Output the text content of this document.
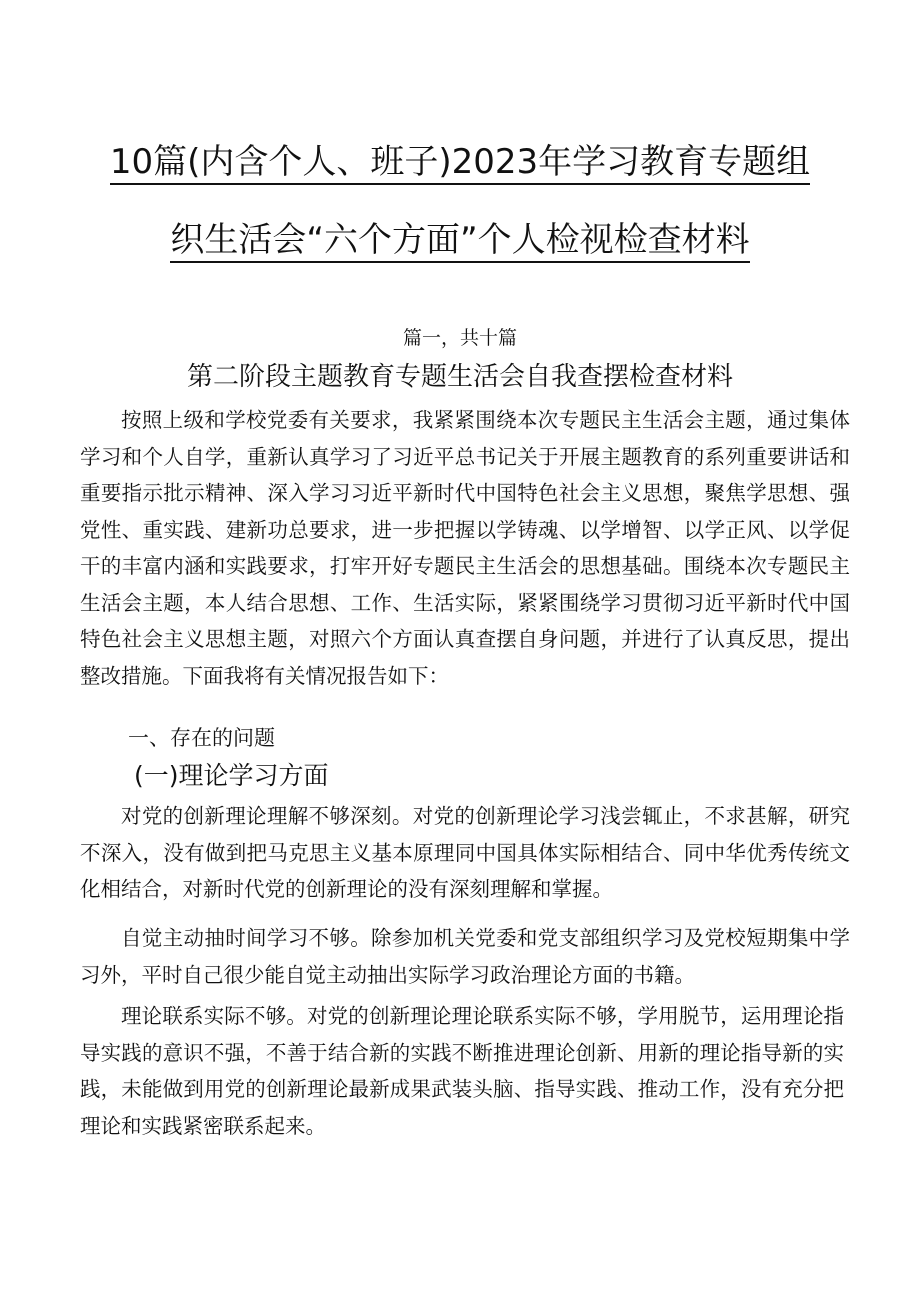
10篇(内含个人、班子)2023年学习教育专题组
织生活会“六个方面”个人检视检查材料
篇一，共十篇
第二阶段主题教育专题生活会自我查摆检查材料

按照上级和学校党委有关要求，我紧紧围绕本次专题民主生活会主题，通过集体学习和个人自学，重新认真学习了习近平总书记关于开展主题教育的系列重要讲话和重要指示批示精神、深入学习习近平新时代中国特色社会主义思想，聚焦学思想、强党性、重实践、建新功总要求，进一步把握以学铸魂、以学增智、以学正风、以学促干的丰富内涵和实践要求，打牢开好专题民主生活会的思想基础。围绕本次专题民主生活会主题，本人结合思想、工作、生活实际，紧紧围绕学习贯彻习近平新时代中国特色社会主义思想主题，对照六个方面认真查摆自身问题，并进行了认真反思，提出整改措施。下面我将有关情况报告如下：

一、存在的问题
(一)理论学习方面

对党的创新理论理解不够深刻。对党的创新理论学习浅尝辄止，不求甚解，研究不深入，没有做到把马克思主义基本原理同中国具体实际相结合、同中华优秀传统文化相结合，对新时代党的创新理论的没有深刻理解和掌握。

自觉主动抽时间学习不够。除参加机关党委和党支部组织学习及党校短期集中学习外，平时自己很少能自觉主动抽出实际学习政治理论方面的书籍。

理论联系实际不够。对党的创新理论理论联系实际不够，学用脱节，运用理论指导实践的意识不强，不善于结合新的实践不断推进理论创新、用新的理论指导新的实践，未能做到用党的创新理论最新成果武装头脑、指导实践、推动工作，没有充分把理论和实践紧密联系起来。
